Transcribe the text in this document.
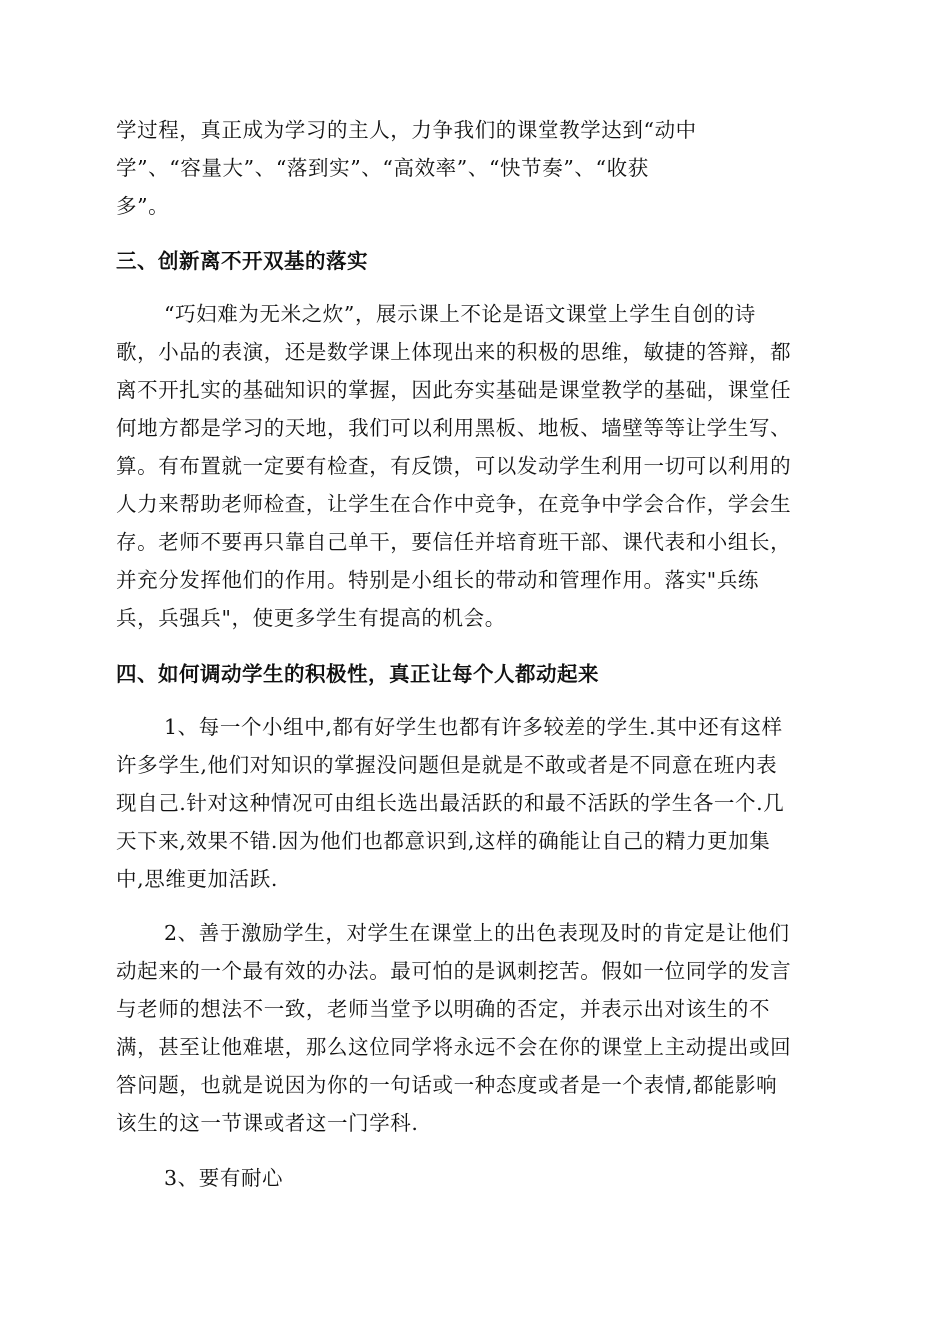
学过程，真正成为学习的主人，力争我们的课堂教学达到“动中
学”、“容量大”、“落到实”、“高效率”、“快节奏”、“收获
多”。
三、创新离不开双基的落实
“巧妇难为无米之炊”，展示课上不论是语文课堂上学生自创的诗
歌，小品的表演，还是数学课上体现出来的积极的思维，敏捷的答辩，都
离不开扎实的基础知识的掌握，因此夯实基础是课堂教学的基础，课堂任
何地方都是学习的天地，我们可以利用黑板、地板、墙壁等等让学生写、
算。有布置就一定要有检查，有反馈，可以发动学生利用一切可以利用的
人力来帮助老师检查，让学生在合作中竞争，在竞争中学会合作，学会生
存。老师不要再只靠自己单干，要信任并培育班干部、课代表和小组长，
并充分发挥他们的作用。特别是小组长的带动和管理作用。落实"兵练
兵，兵强兵"，使更多学生有提高的机会。
四、如何调动学生的积极性，真正让每个人都动起来
1、每一个小组中,都有好学生也都有许多较差的学生.其中还有这样
许多学生,他们对知识的掌握没问题但是就是不敢或者是不同意在班内表
现自己.针对这种情况可由组长选出最活跃的和最不活跃的学生各一个.几
天下来,效果不错.因为他们也都意识到,这样的确能让自己的精力更加集
中,思维更加活跃.
2、善于激励学生，对学生在课堂上的出色表现及时的肯定是让他们
动起来的一个最有效的办法。最可怕的是讽刺挖苦。假如一位同学的发言
与老师的想法不一致，老师当堂予以明确的否定，并表示出对该生的不
满，甚至让他难堪，那么这位同学将永远不会在你的课堂上主动提出或回
答问题，也就是说因为你的一句话或一种态度或者是一个表情,都能影响
该生的这一节课或者这一门学科.
3、要有耐心
